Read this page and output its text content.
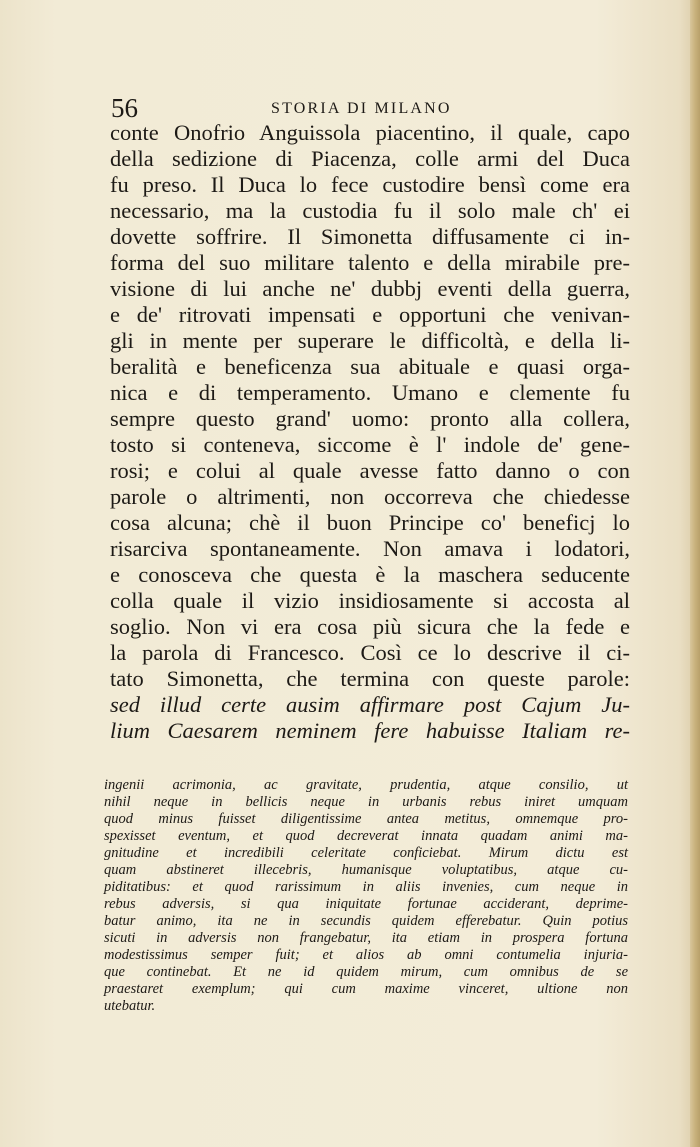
56	STORIA DI MILANO
conte Onofrio Anguissola piacentino, il quale, capo
della sedizione di Piacenza, colle armi del Duca
fu preso. Il Duca lo fece custodire bensì come era
necessario, ma la custodia fu il solo male ch' ei
dovette soffrire. Il Simonetta diffusamente ci in-
forma del suo militare talento e della mirabile pre-
visione di lui anche ne' dubbj eventi della guerra,
e de' ritrovati impensati e opportuni che venivan-
gli in mente per superare le difficoltà, e della li-
beralità e beneficenza sua abituale e quasi orga-
nica e di temperamento. Umano e clemente fu
sempre questo grand' uomo: pronto alla collera,
tosto si conteneva, siccome è l' indole de' gene-
rosi; e colui al quale avesse fatto danno o con
parole o altrimenti, non occorreva che chiedesse
cosa alcuna; chè il buon Principe co' beneficj lo
risarciva spontaneamente. Non amava i lodatori,
e conosceva che questa è la maschera seducente
colla quale il vizio insidiosamente si accosta al
soglio. Non vi era cosa più sicura che la fede e
la parola di Francesco. Così ce lo descrive il ci-
tato Simonetta, che termina con queste parole:
sed illud certe ausim affirmare post Cajum Ju-
lium Caesarem neminem fere habuisse Italiam re-
ingenii acrimonia, ac gravitate, prudentia, atque consilio, ut
nihil neque in bellicis neque in urbanis rebus iniret umquam
quod minus fuisset diligentissime antea metitus, omnemque pro-
spexisset eventum, et quod decreverat innata quadam animi ma-
gnitudine et incredibili celeritate conficiebat. Mirum dictu est
quam abstineret illecebris, humanisque voluptatibus, atque cu-
piditatibus: et quod rarissimum in aliis invenies, cum neque in
rebus adversis, si qua iniquitate fortunae acciderant, deprime-
batur animo, ita ne in secundis quidem efferebatur. Quin potius
sicuti in adversis non frangebatur, ita etiam in prospera fortuna
modestissimus semper fuit; et alios ab omni contumelia injuria-
que continebat. Et ne id quidem mirum, cum omnibus de se
praestaret exemplum; qui cum maxime vinceret, ultione non
utebatur.
